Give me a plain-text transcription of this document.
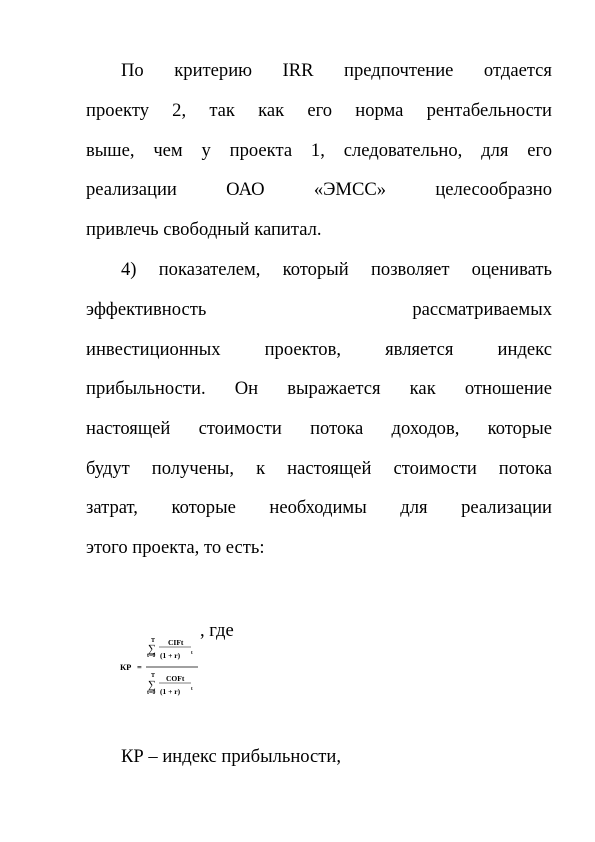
По критерию IRR предпочтение отдается
проекту 2, так как его норма рентабельности
выше, чем у проекта 1, следовательно, для его
реализации ОАО «ЭМСС» целесообразно
привлечь свободный капитал.
4) показателем, который позволяет оценивать
эффективность рассматриваемых
инвестиционных проектов, является индекс
прибыльности. Он выражается как отношение
настоящей стоимости потока доходов, которые
будут получены, к настоящей стоимости потока
затрат, которые необходимы для реализации
этого проекта, то есть:
КР =
T
∑
CIFt
t=0 (1 + r) t
T
∑
COFt
t=0 (1 + r) t
, где
КР – индекс прибыльности,
